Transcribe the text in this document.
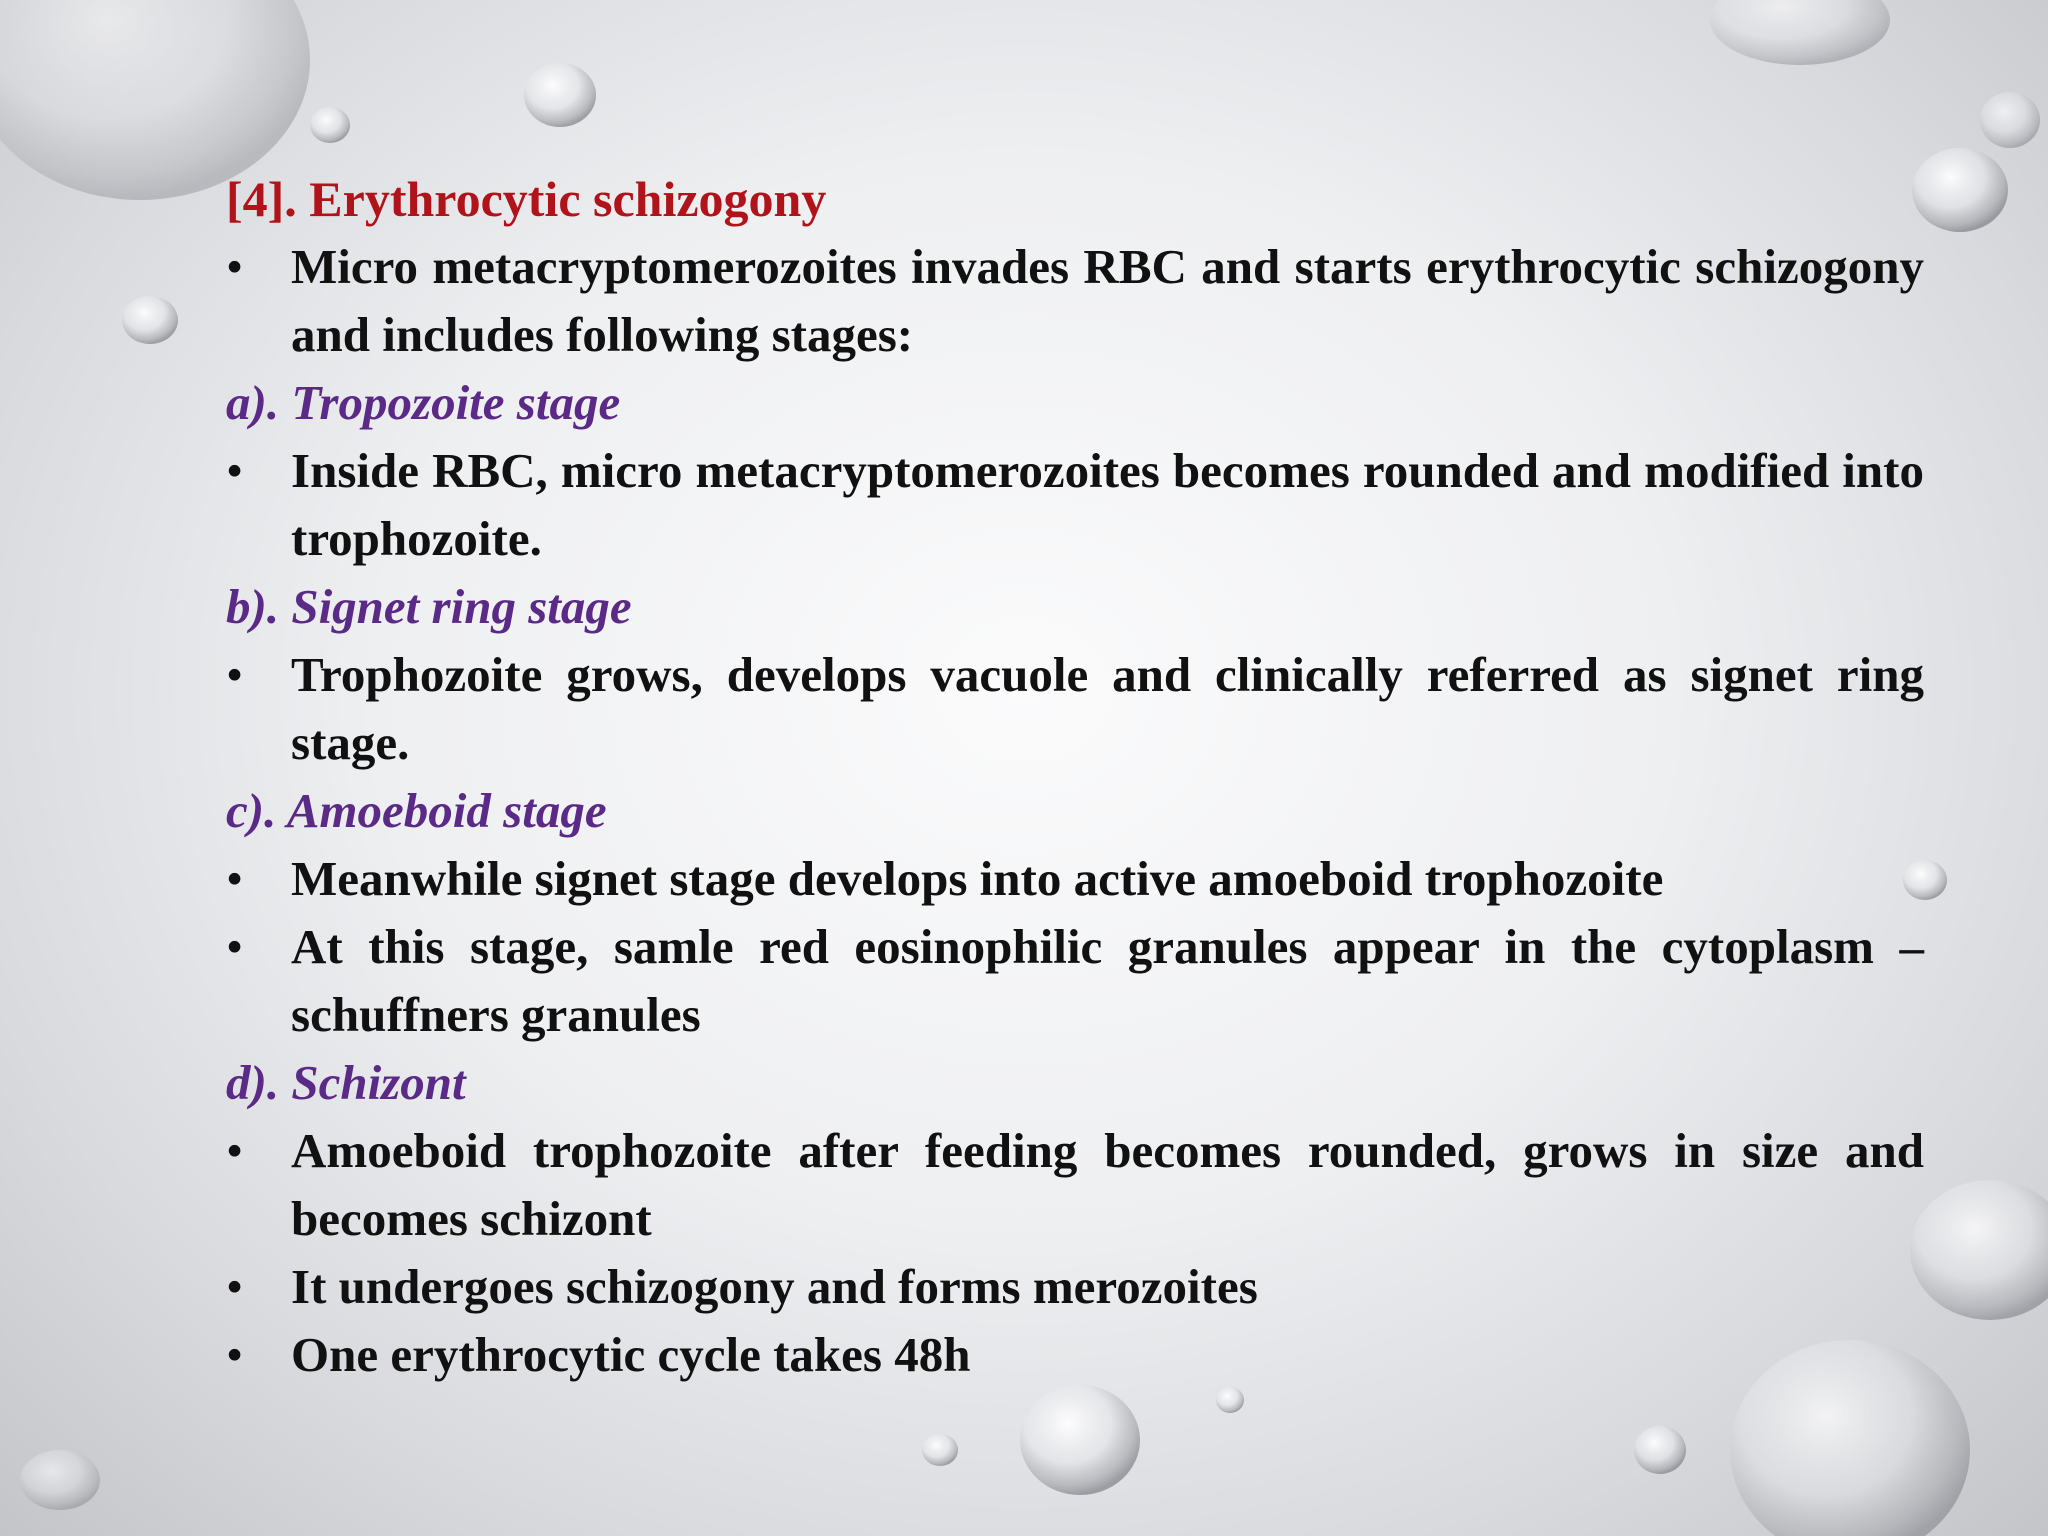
[4]. Erythrocytic schizogony

• Micro metacryptomerozoites invades RBC and starts erythrocytic schizogony and includes following stages:

a). Tropozoite stage

• Inside RBC, micro metacryptomerozoites becomes rounded and modified into trophozoite.

b). Signet ring stage

• Trophozoite grows, develops vacuole and clinically referred as signet ring stage.

c). Amoeboid stage

• Meanwhile signet stage develops into active amoeboid trophozoite

• At this stage, samle red eosinophilic granules appear in the cytoplasm –schuffners granules

d). Schizont

• Amoeboid trophozoite after feeding becomes rounded, grows in size and becomes schizont

• It undergoes schizogony and forms merozoites

• One erythrocytic cycle takes 48h
